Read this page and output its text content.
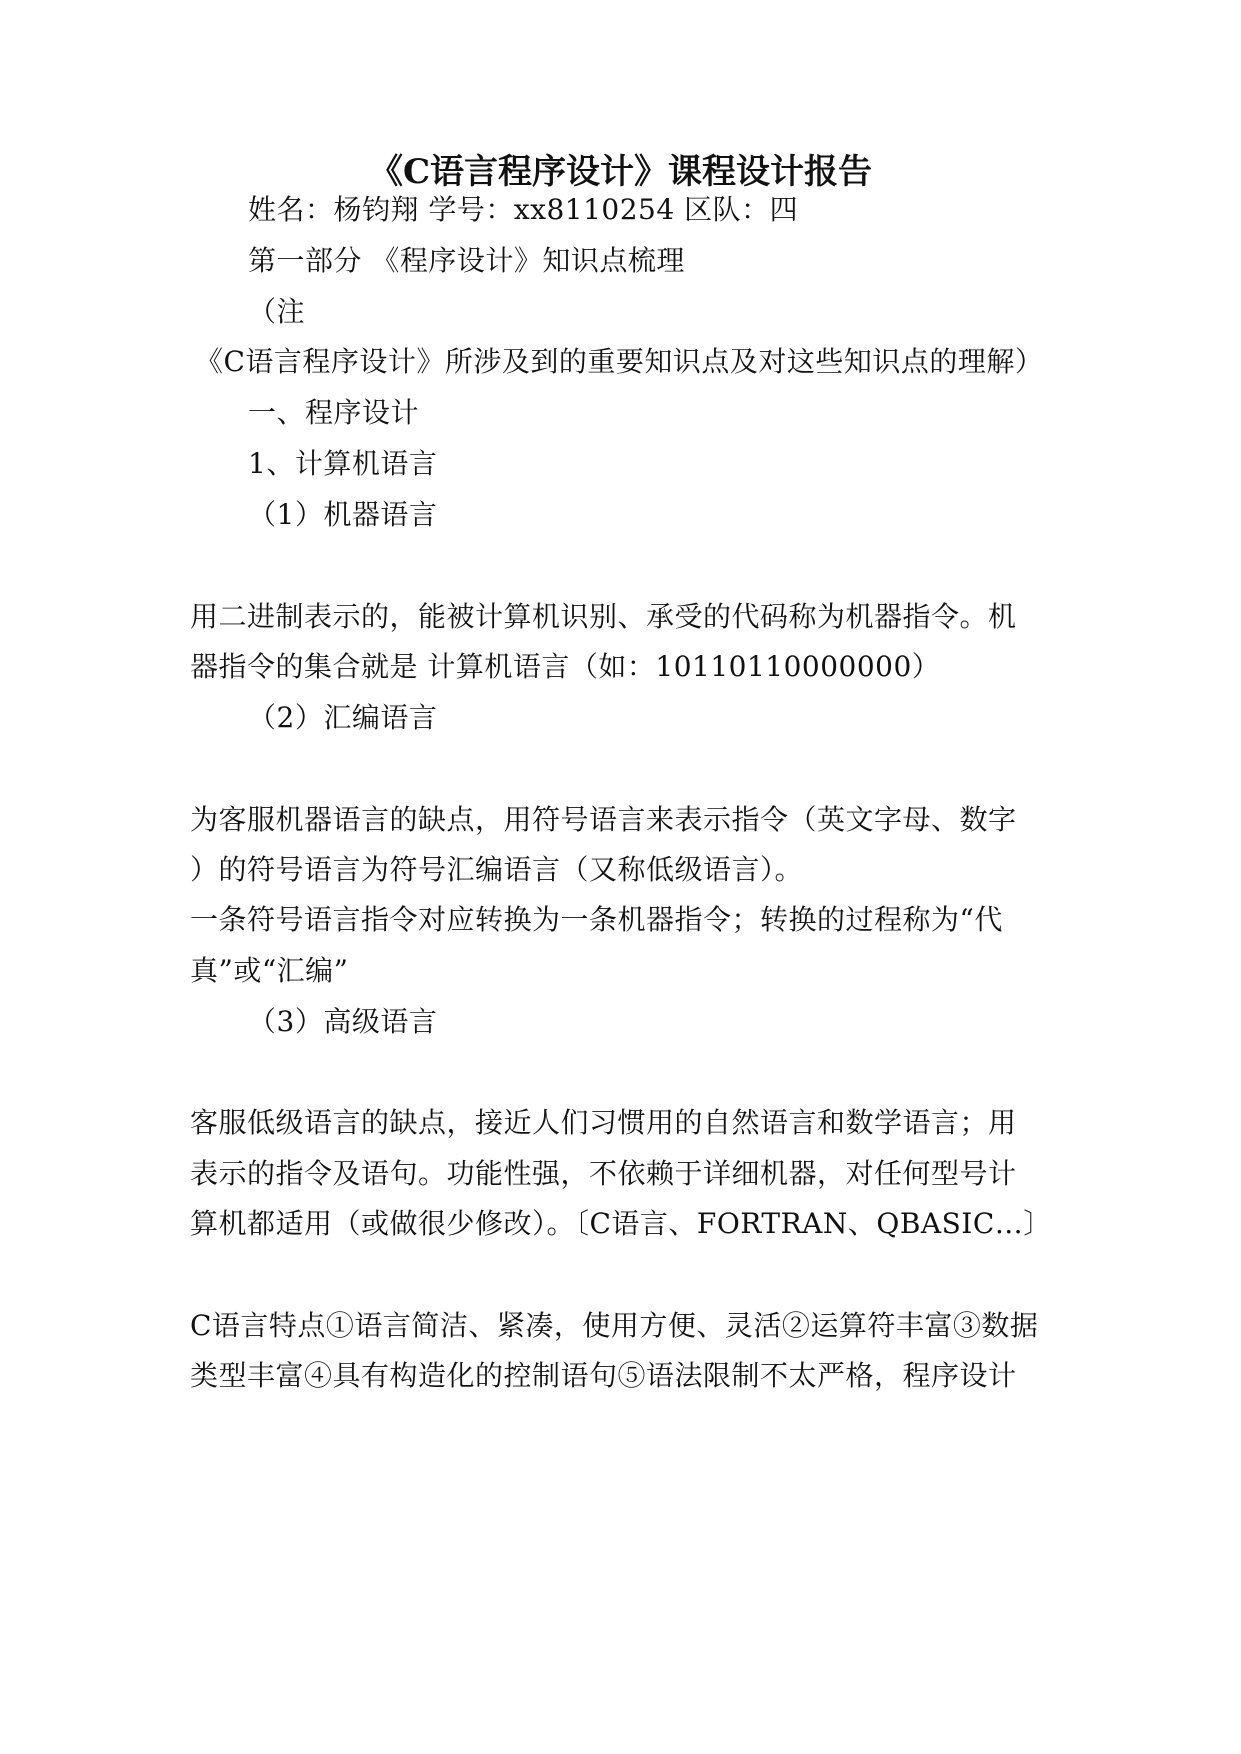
《C语言程序设计》课程设计报告
姓名：杨钧翔 学号：xx8110254 区队：四
第一部分 《程序设计》知识点梳理
（注
《C语言程序设计》所涉及到的重要知识点及对这些知识点的理解）
一、程序设计
1、计算机语言
（1）机器语言
用二进制表示的，能被计算机识别、承受的代码称为机器指令。机
器指令的集合就是 计算机语言（如：10110110000000）
（2）汇编语言
为客服机器语言的缺点，用符号语言来表示指令（英文字母、数字
）的符号语言为符号汇编语言（又称低级语言）。
一条符号语言指令对应转换为一条机器指令；转换的过程称为“代
真”或“汇编”
（3）高级语言
客服低级语言的缺点，接近人们习惯用的自然语言和数学语言；用
表示的指令及语句。功能性强，不依赖于详细机器，对任何型号计
算机都适用（或做很少修改）。〔C语言、FORTRAN、QBASIC…〕
C语言特点①语言简洁、紧凑，使用方便、灵活②运算符丰富③数据
类型丰富④具有构造化的控制语句⑤语法限制不太严格，程序设计
